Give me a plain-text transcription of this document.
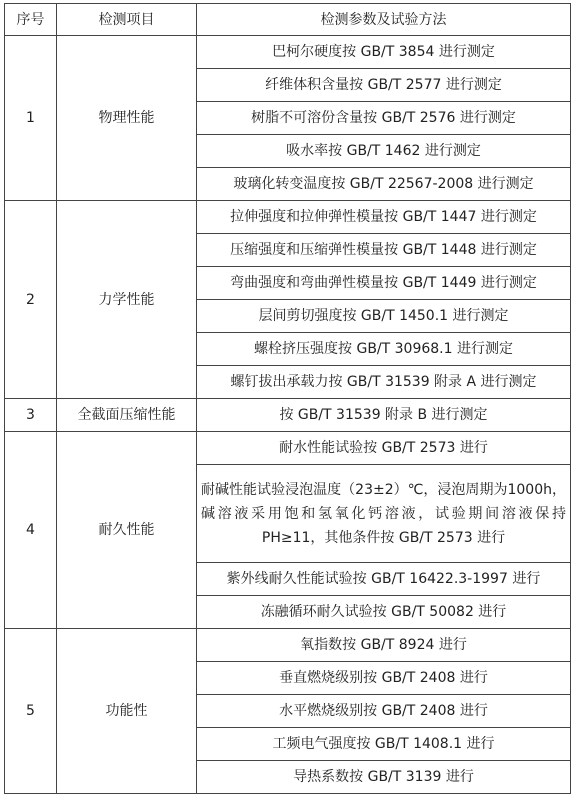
序号	检测项目	检测参数及试验方法
1	物理性能	巴柯尔硬度按 GB/T 3854 进行测定
		纤维体积含量按 GB/T 2577 进行测定
		树脂不可溶份含量按 GB/T 2576 进行测定
		吸水率按 GB/T 1462 进行测定
		玻璃化转变温度按 GB/T 22567-2008 进行测定
2	力学性能	拉伸强度和拉伸弹性模量按 GB/T 1447 进行测定
		压缩强度和压缩弹性模量按 GB/T 1448 进行测定
		弯曲强度和弯曲弹性模量按 GB/T 1449 进行测定
		层间剪切强度按 GB/T 1450.1 进行测定
		螺栓挤压强度按 GB/T 30968.1 进行测定
		螺钉拔出承载力按 GB/T 31539 附录 A 进行测定
3	全截面压缩性能	按 GB/T 31539 附录 B 进行测定
4	耐久性能	耐水性能试验按 GB/T 2573 进行
		耐碱性能试验浸泡温度（23±2）℃，浸泡周期为1000h，碱溶液采用饱和氢氧化钙溶液，试验期间溶液保持 PH≥11，其他条件按 GB/T 2573 进行
		紫外线耐久性能试验按 GB/T 16422.3-1997 进行
		冻融循环耐久试验按 GB/T 50082 进行
5	功能性	氧指数按 GB/T 8924 进行
		垂直燃烧级别按 GB/T 2408 进行
		水平燃烧级别按 GB/T 2408 进行
		工频电气强度按 GB/T 1408.1 进行
		导热系数按 GB/T 3139 进行
